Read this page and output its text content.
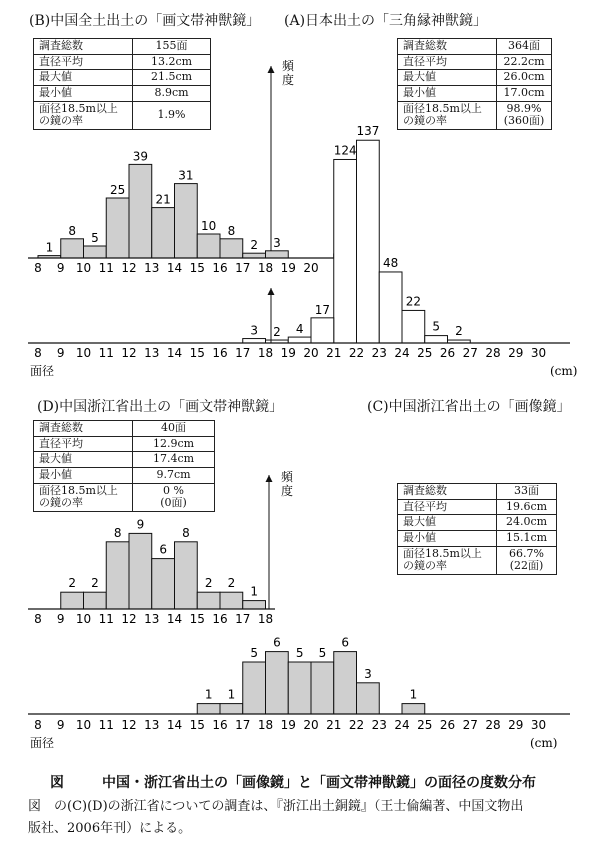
(B)中国全土出土の「画文帯神獣鏡」 (A)日本出土の「三角縁神獣鏡」
(D)中国浙江省出土の「画文帯神獣鏡」	(C)中国浙江省出土の「画像鏡」
調査総数	155面
直径平均	13.2cm
最大値	21.5cm
最小値	8.9cm
面径18.5m以上の鏡の率	1.9%
調査総数	364面
直径平均	22.2cm
最大値	26.0cm
最小値	17.0cm
面径18.5m以上の鏡の率	98.9%
(360面)
調査総数	40面
直径平均	12.9cm
最大値	17.4cm
最小値	9.7cm
面径18.5m以上の鏡の率	0 %
(0面)
調査総数	33面
直径平均	19.6cm
最大値	24.0cm
最小値	15.1cm
面径18.5m以上の鏡の率	66.7%
(22面)
頻
度
1
8
5
25
39
21
31
10 8
2 3
8 9 10 11 12 13 14 15 16 17 18 19 20
124
137
48
22
5 2
3 2 4
17
8 9 10 11 12 13 14 15 16 17 18 19 20 21 22 23 24 25 26 27 28 29 30
面径	(cm)
頻
度
2 2
8
9
6
8
2 2
1
8 9 10 11 12 13 14 15 16 17 18
1 1
5
6
5 5
6
3
1
8 9 10 11 12 13 14 15 16 17 18 19 20 21 22 23 24 25 26 27 28 29 30
面径	(cm)
図	中国・浙江省出土の「画像鏡」と「画文帯神獣鏡」の面径の度数分布
図　の(C)(D)の浙江省についての調査は、『浙江出土銅鏡』（王士倫編著、中国文物出
版社、2006年刊）による。
